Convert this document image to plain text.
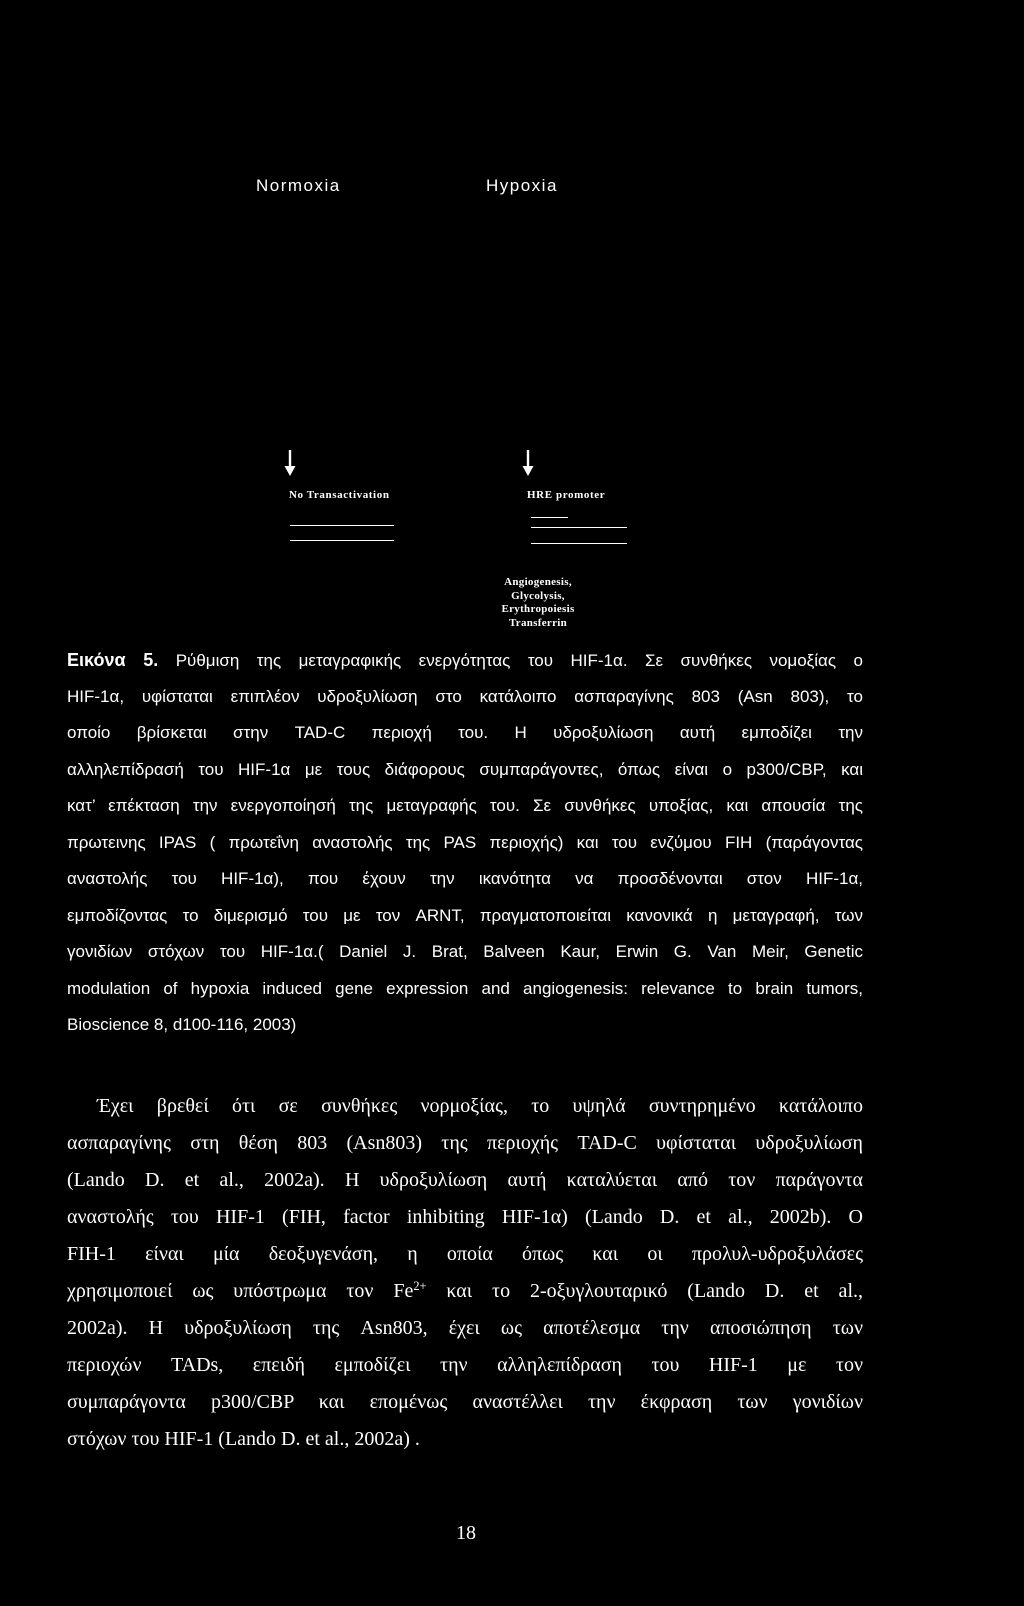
Normoxia	Hypoxia
No Transactivation	HRE promoter
Angiogenesis,
Glycolysis,
Erythropoiesis
Transferrin
Εικόνα 5. Ρύθμιση της μεταγραφικής ενεργότητας του HIF-1α. Σε συνθήκες νομοξίας ο
HIF-1α, υφίσταται επιπλέον υδροξυλίωση στο κατάλοιπο ασπαραγίνης 803 (Asn 803), το
οποίο βρίσκεται στην TAD-C περιοχή του. Η υδροξυλίωση αυτή εμποδίζει την
αλληλεπίδρασή του HIF-1α με τους διάφορους συμπαράγοντες, όπως είναι ο p300/CBP, και
κατ’ επέκταση την ενεργοποίησή της μεταγραφής του. Σε συνθήκες υποξίας, και απουσία της
πρωτεινης IPAS ( πρωτεΐνη αναστολής της PAS περιοχής) και του ενζύμου FIH (παράγοντας
αναστολής του HIF-1α), που έχουν την ικανότητα να προσδένονται στον HIF-1α,
εμποδίζοντας το διμερισμό του με τον ARNT, πραγματοποιείται κανονικά η μεταγραφή, των
γονιδίων στόχων του HIF-1α.( Daniel J. Brat, Balveen Kaur, Erwin G. Van Meir, Genetic
modulation of hypoxia induced gene expression and angiogenesis: relevance to brain tumors,
Bioscience 8, d100-116, 2003)
Έχει βρεθεί ότι σε συνθήκες νορμοξίας, το υψηλά συντηρημένο κατάλοιπο
ασπαραγίνης στη θέση 803 (Asn803) της περιοχής TAD-C υφίσταται υδροξυλίωση
(Lando D. et al., 2002a). Η υδροξυλίωση αυτή καταλύεται από τον παράγοντα
αναστολής του HIF-1 (FIH, factor inhibiting HIF-1α) (Lando D. et al., 2002b). Ο
FIH-1 είναι μία δεοξυγενάση, η οποία όπως και οι προλυλ-υδροξυλάσες
χρησιμοποιεί ως υπόστρωμα τον $Fe^{2+}$ και το 2-οξυγλουταρικό (Lando D. et al.,
2002a). Η υδροξυλίωση της Asn803, έχει ως αποτέλεσμα την αποσιώπηση των
περιοχών TADs, επειδή εμποδίζει την αλληλεπίδραση του HIF-1 με τον
συμπαράγοντα p300/CBP και επομένως αναστέλλει την έκφραση των γονιδίων
στόχων του HIF-1 (Lando D. et al., 2002a) .
18
